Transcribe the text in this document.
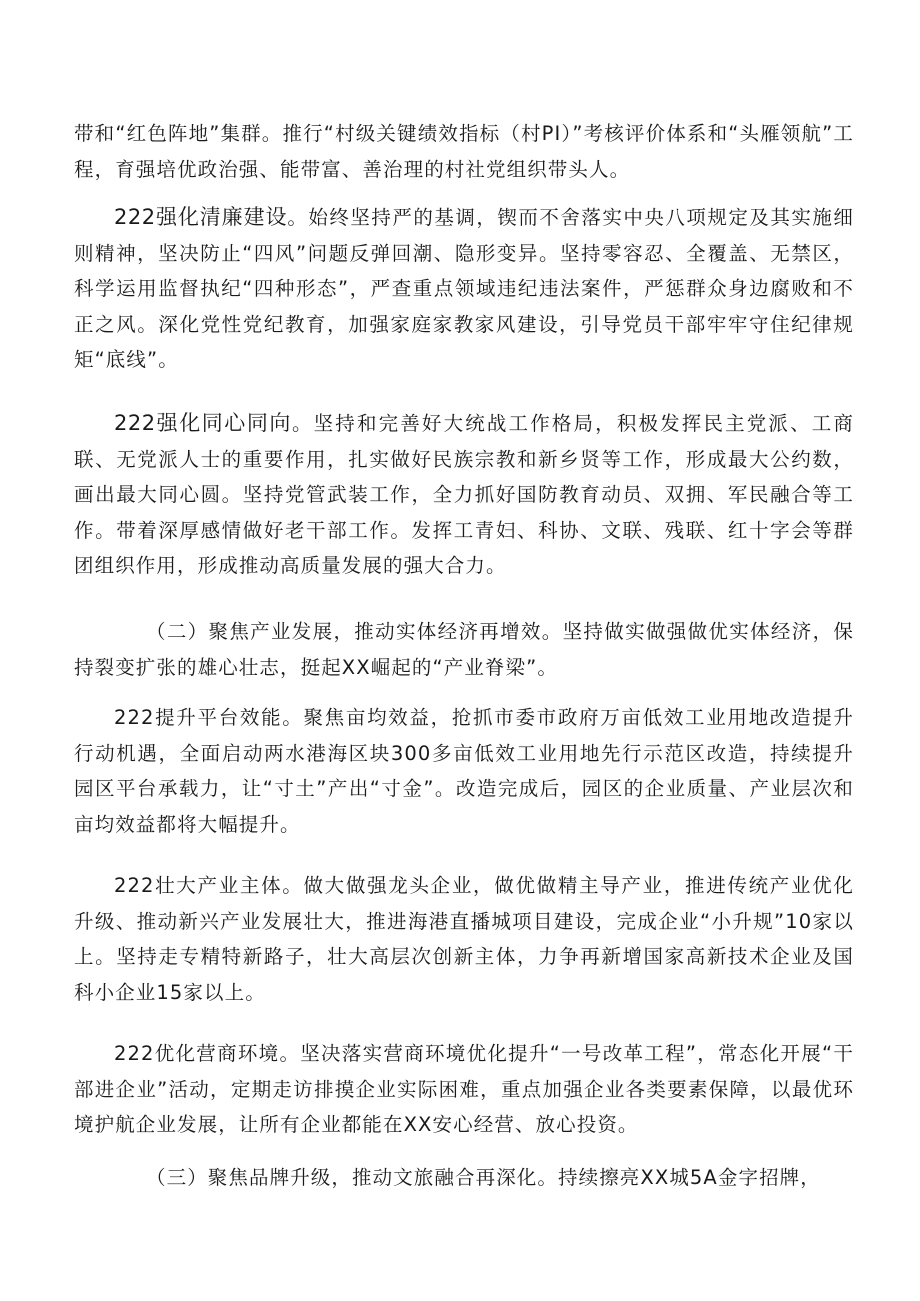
带和“红色阵地”集群。推行“村级关键绩效指标（村PI）”考核评价体系和“头雁领航”工程，育强培优政治强、能带富、善治理的村社党组织带头人。

222强化清廉建设。始终坚持严的基调，锲而不舍落实中央八项规定及其实施细则精神，坚决防止“四风”问题反弹回潮、隐形变异。坚持零容忍、全覆盖、无禁区，科学运用监督执纪“四种形态”，严查重点领域违纪违法案件，严惩群众身边腐败和不正之风。深化党性党纪教育，加强家庭家教家风建设，引导党员干部牢牢守住纪律规矩“底线”。

222强化同心同向。坚持和完善好大统战工作格局，积极发挥民主党派、工商联、无党派人士的重要作用，扎实做好民族宗教和新乡贤等工作，形成最大公约数，画出最大同心圆。坚持党管武装工作，全力抓好国防教育动员、双拥、军民融合等工作。带着深厚感情做好老干部工作。发挥工青妇、科协、文联、残联、红十字会等群团组织作用，形成推动高质量发展的强大合力。

（二）聚焦产业发展，推动实体经济再增效。坚持做实做强做优实体经济，保持裂变扩张的雄心壮志，挺起XX崛起的“产业脊梁”。

222提升平台效能。聚焦亩均效益，抢抓市委市政府万亩低效工业用地改造提升行动机遇，全面启动两水港海区块300多亩低效工业用地先行示范区改造，持续提升园区平台承载力，让“寸土”产出“寸金”。改造完成后，园区的企业质量、产业层次和亩均效益都将大幅提升。

222壮大产业主体。做大做强龙头企业，做优做精主导产业，推进传统产业优化升级、推动新兴产业发展壮大，推进海港直播城项目建设，完成企业“小升规”10家以上。坚持走专精特新路子，壮大高层次创新主体，力争再新增国家高新技术企业及国科小企业15家以上。

222优化营商环境。坚决落实营商环境优化提升“一号改革工程”，常态化开展“干部进企业”活动，定期走访排摸企业实际困难，重点加强企业各类要素保障，以最优环境护航企业发展，让所有企业都能在XX安心经营、放心投资。

（三）聚焦品牌升级，推动文旅融合再深化。持续擦亮XX城5A金字招牌，
